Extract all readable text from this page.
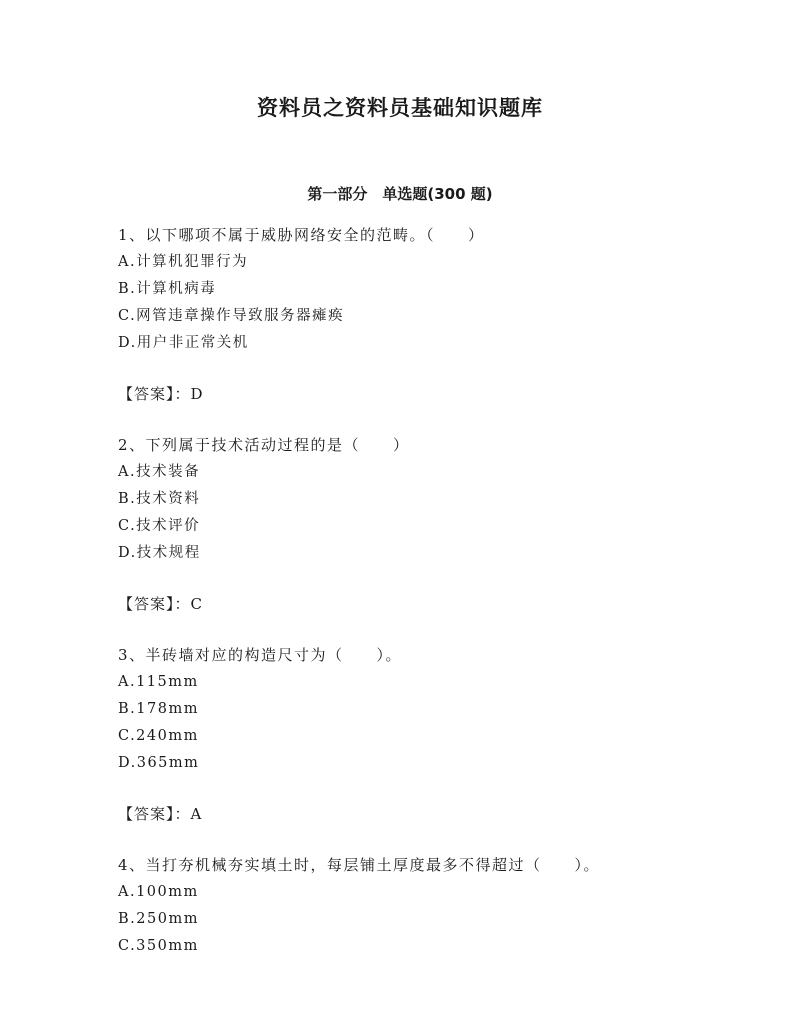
资料员之资料员基础知识题库
第一部分　单选题(300 题)
1、以下哪项不属于威胁网络安全的范畴。（　　）
A.计算机犯罪行为
B.计算机病毒
C.网管违章操作导致服务器瘫痪
D.用户非正常关机
【答案】：D
2、下列属于技术活动过程的是（　　）
A.技术装备
B.技术资料
C.技术评价
D.技术规程
【答案】：C
3、半砖墙对应的构造尺寸为（　　）。
A.115mm
B.178mm
C.240mm
D.365mm
【答案】：A
4、当打夯机械夯实填土时，每层铺土厚度最多不得超过（　　）。
A.100mm
B.250mm
C.350mm
